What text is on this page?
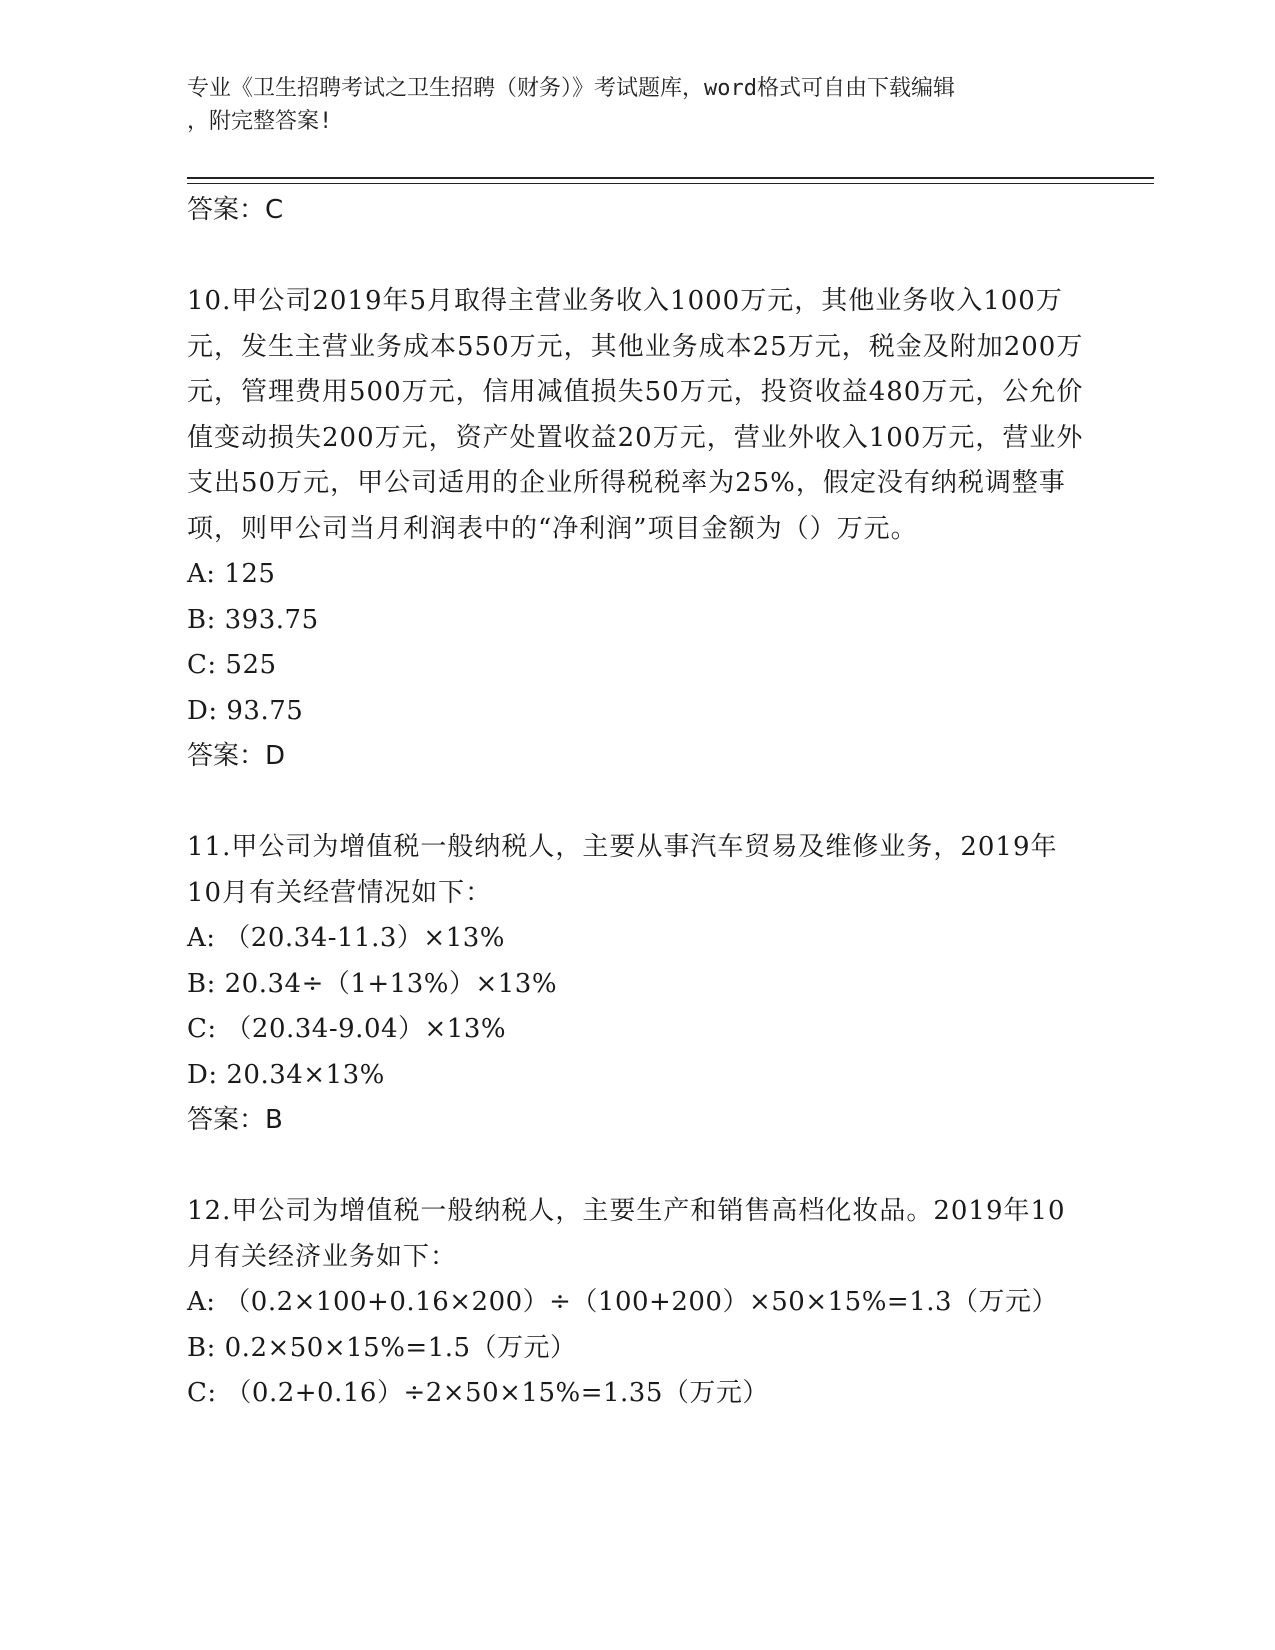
专业《卫生招聘考试之卫生招聘（财务）》考试题库，word格式可自由下载编辑
，附完整答案!
答案：C
10.甲公司2019年5月取得主营业务收入1000万元，其他业务收入100万元，发生主营业务成本550万元，其他业务成本25万元，税金及附加200万元，管理费用500万元，信用减值损失50万元，投资收益480万元，公允价值变动损失200万元，资产处置收益20万元，营业外收入100万元，营业外支出50万元，甲公司适用的企业所得税税率为25%，假定没有纳税调整事项，则甲公司当月利润表中的“净利润”项目金额为（）万元。
A: 125
B: 393.75
C: 525
D: 93.75
答案：D
11.甲公司为增值税一般纳税人，主要从事汽车贸易及维修业务，2019年10月有关经营情况如下：
A: （20.34-11.3）×13%
B: 20.34÷（1+13%）×13%
C: （20.34-9.04）×13%
D: 20.34×13%
答案：B
12.甲公司为增值税一般纳税人，主要生产和销售高档化妆品。2019年10月有关经济业务如下：
A: （0.2×100+0.16×200）÷（100+200）×50×15%=1.3（万元）
B: 0.2×50×15%=1.5（万元）
C: （0.2+0.16）÷2×50×15%=1.35（万元）
